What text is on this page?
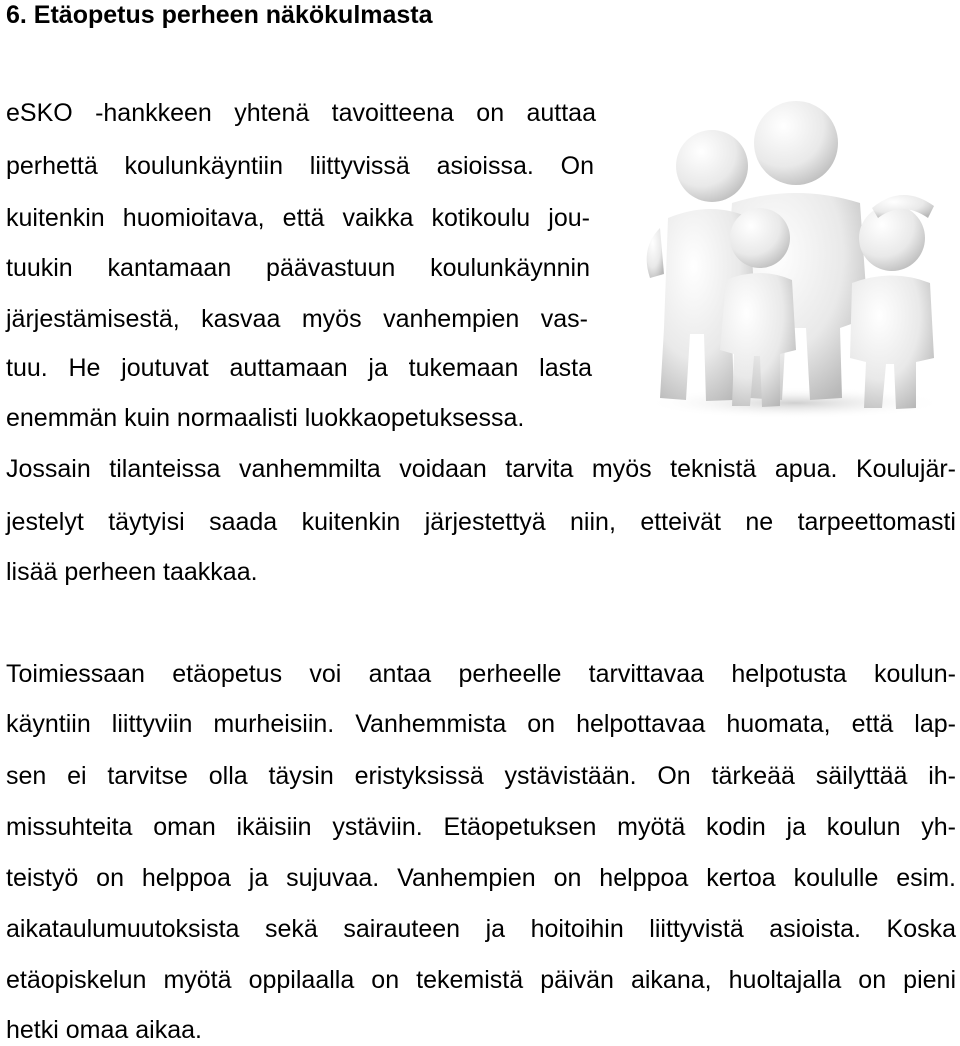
6. Etäopetus perheen näkökulmasta
eSKO -hankkeen yhtenä tavoitteena on auttaa
perhettä koulunkäyntiin liittyvissä asioissa. On
kuitenkin huomioitava, että vaikka kotikoulu jou-
tuukin kantamaan päävastuun koulunkäynnin
järjestämisestä, kasvaa myös vanhempien vas-
tuu. He joutuvat auttamaan ja tukemaan lasta
enemmän kuin normaalisti luokkaopetuksessa.
Jossain tilanteissa vanhemmilta voidaan tarvita myös teknistä apua. Koulujär-
jestelyt täytyisi saada kuitenkin järjestettyä niin, etteivät ne tarpeettomasti
lisää perheen taakkaa.
Toimiessaan etäopetus voi antaa perheelle tarvittavaa helpotusta koulun-
käyntiin liittyviin murheisiin. Vanhemmista on helpottavaa huomata, että lap-
sen ei tarvitse olla täysin eristyksissä ystävistään. On tärkeää säilyttää ih-
missuhteita oman ikäisiin ystäviin. Etäopetuksen myötä kodin ja koulun yh-
teistyö on helppoa ja sujuvaa. Vanhempien on helppoa kertoa koululle esim.
aikataulumuutoksista sekä sairauteen ja hoitoihin liittyvistä asioista. Koska
etäopiskelun myötä oppilaalla on tekemistä päivän aikana, huoltajalla on pieni
hetki omaa aikaa.
